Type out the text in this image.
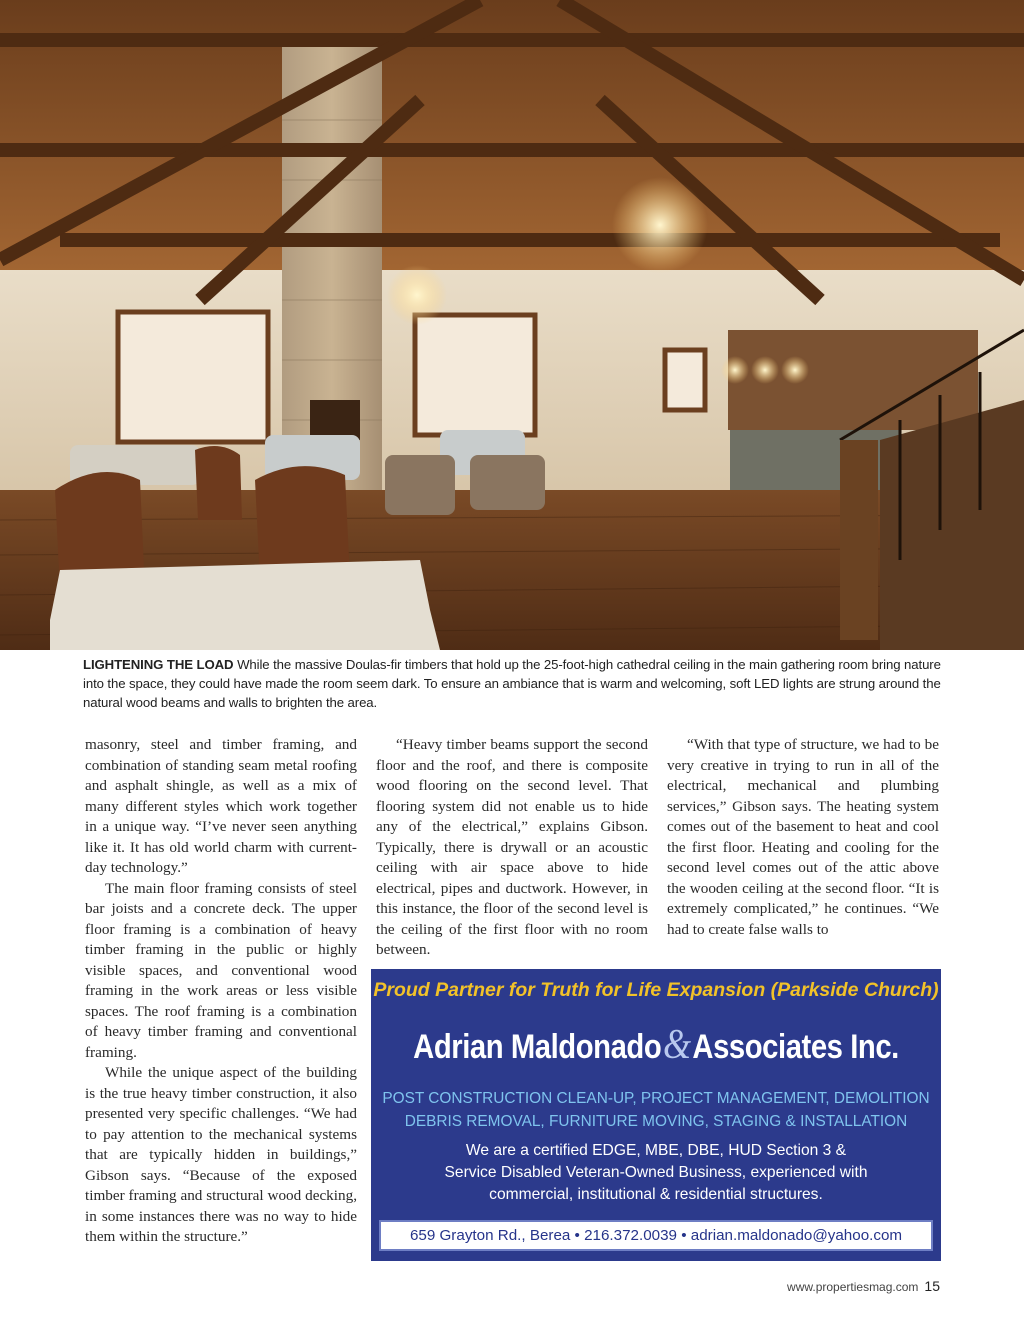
LIGHTENING THE LOAD While the massive Doulas-fir timbers that hold up the 25-foot-high cathedral ceiling in the main gathering room bring nature into the space, they could have made the room seem dark. To ensure an ambiance that is warm and welcoming, soft LED lights are strung around the natural wood beams and walls to brighten the area.

masonry, steel and timber framing, and combination of standing seam metal roofing and asphalt shingle, as well as a mix of many different styles which work together in a unique way. “I’ve never seen anything like it. It has old world charm with current-day technology.”

The main floor framing consists of steel bar joists and a concrete deck. The upper floor framing is a combination of heavy timber framing in the public or highly visible spaces, and conventional wood framing in the work areas or less visible spaces. The roof framing is a combination of heavy timber framing and conventional framing.

While the unique aspect of the building is the true heavy timber construction, it also presented very specific challenges. “We had to pay attention to the mechanical systems that are typically hidden in buildings,” Gibson says. “Because of the exposed timber framing and structural wood decking, in some instances there was no way to hide them within the structure.”

“Heavy timber beams support the second floor and the roof, and there is composite wood flooring on the second level. That flooring system did not enable us to hide any of the electrical,” explains Gibson. Typically, there is drywall or an acoustic ceiling with air space above to hide electrical, pipes and ductwork. However, in this instance, the floor of the second level is the ceiling of the first floor with no room between.

“With that type of structure, we had to be very creative in trying to run in all of the electrical, mechanical and plumbing services,” Gibson says. The heating system comes out of the basement to heat and cool the first floor. Heating and cooling for the second level comes out of the attic above the wooden ceiling at the second floor. “It is extremely complicated,” he continues. “We had to create false walls to

Proud Partner for Truth for Life Expansion (Parkside Church)
Adrian Maldonado&Associates Inc.
POST CONSTRUCTION CLEAN-UP, PROJECT MANAGEMENT, DEMOLITION
DEBRIS REMOVAL, FURNITURE MOVING, STAGING & INSTALLATION
We are a certified EDGE, MBE, DBE, HUD Section 3 &
Service Disabled Veteran-Owned Business, experienced with
commercial, institutional & residential structures.
659 Grayton Rd., Berea • 216.372.0039 • adrian.maldonado@yahoo.com
www.propertiesmag.com 15
